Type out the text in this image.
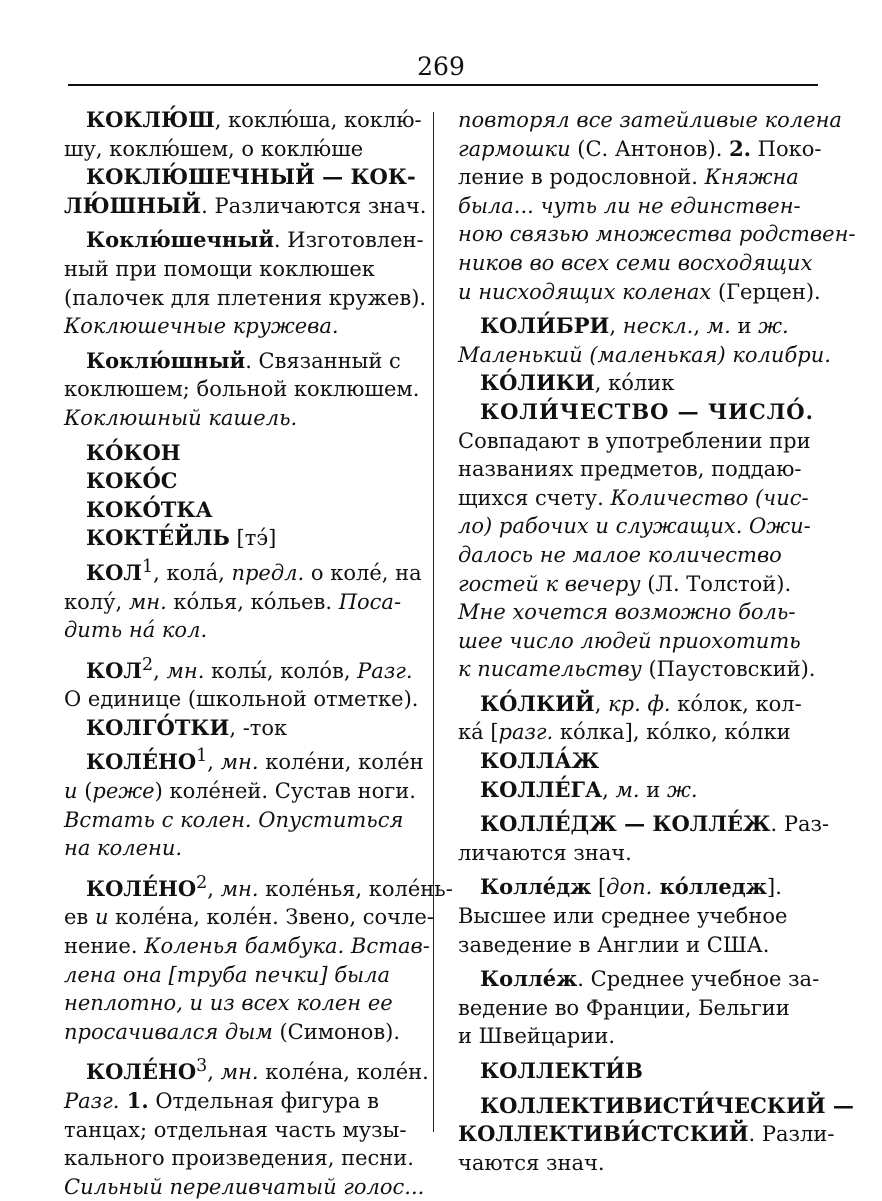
269

КОКЛЮ́Ш, коклю́ша, коклю́-

шу, коклю́шем, о коклю́ше

КОКЛЮ́ШЕЧНЫЙ — КОК-

ЛЮ́ШНЫЙ. Различаются знач.

Коклю́шечный. Изготовлен-

ный при помощи коклюшек

(палочек для плетения кружев).

Коклюшечные кружева.

Коклю́шный. Связанный с

коклюшем; больной коклюшем.

Коклюшный кашель.

КО́КОН

КОКО́С

КОКО́ТКА

КОКТЕ́ЙЛЬ [тэ́]

КОЛ$^1$, кола́, предл. о коле́, на

колу́, мн. ко́лья, ко́льев. Поса-

дить на́ кол.

КОЛ$^2$, мн. колы́, коло́в, Разг.

О единице (школьной отметке).

КОЛГО́ТКИ, -ток

$КОЛЕ́НО^1$, мн. коле́ни, коле́н

и (реже) коле́ней. Сустав ноги.

Встать с колен. Опуститься

на колени.

$КОЛЕ́НО^2$, мн. коле́нья, коле́нь-

ев и коле́на, коле́н. Звено, сочле-

нение. Коленья бамбука. Встав-

лена она [труба печки] была

неплотно, и из всех колен ее

просачивался дым (Симонов).

$КОЛЕ́НО^3$, мн. коле́на, коле́н.

Разг. 1. Отдельная фигура в

танцах; отдельная часть музы-

кального произведения, песни.

Сильный переливчатый голос...

повторял все затейливые колена

гармошки (С. Антонов). 2. Поко-

ление в родословной. Княжна

была... чуть ли не единствен-

ною связью множества родствен-

ников во всех семи восходящих

и нисходящих коленах (Герцен).

КОЛИ́БРИ, нескл., м. и ж.

Маленький (маленькая) колибри.

КО́ЛИКИ, ко́лик

КОЛИ́ЧЕСТВО — ЧИСЛО́.

Совпадают в употреблении при

названиях предметов, поддаю-

щихся счету. Количество (чис-

ло) рабочих и служащих. Ожи-

далось не малое количество

гостей к вечеру (Л. Толстой).

Мне хочется возможно боль-

шее число людей приохотить

к писательству (Паустовский).

КО́ЛКИЙ, кр. ф. ко́лок, кол-

ка́ [разг. ко́лка], ко́лко, ко́лки

КОЛЛА́Ж

КОЛЛЕ́ГА, м. и ж.

КОЛЛЕ́ДЖ — КОЛЛЕ́Ж. Раз-

личаются знач.

Колле́дж [доп. ко́лледж].

Высшее или среднее учебное

заведение в Англии и США.

Колле́ж. Среднее учебное за-

ведение во Франции, Бельгии

и Швейцарии.

КОЛЛЕКТИ́В

КОЛЛЕКТИВИСТИ́ЧЕСКИЙ —

КОЛЛЕКТИВИ́СТСКИЙ. Разли-

чаются знач.
